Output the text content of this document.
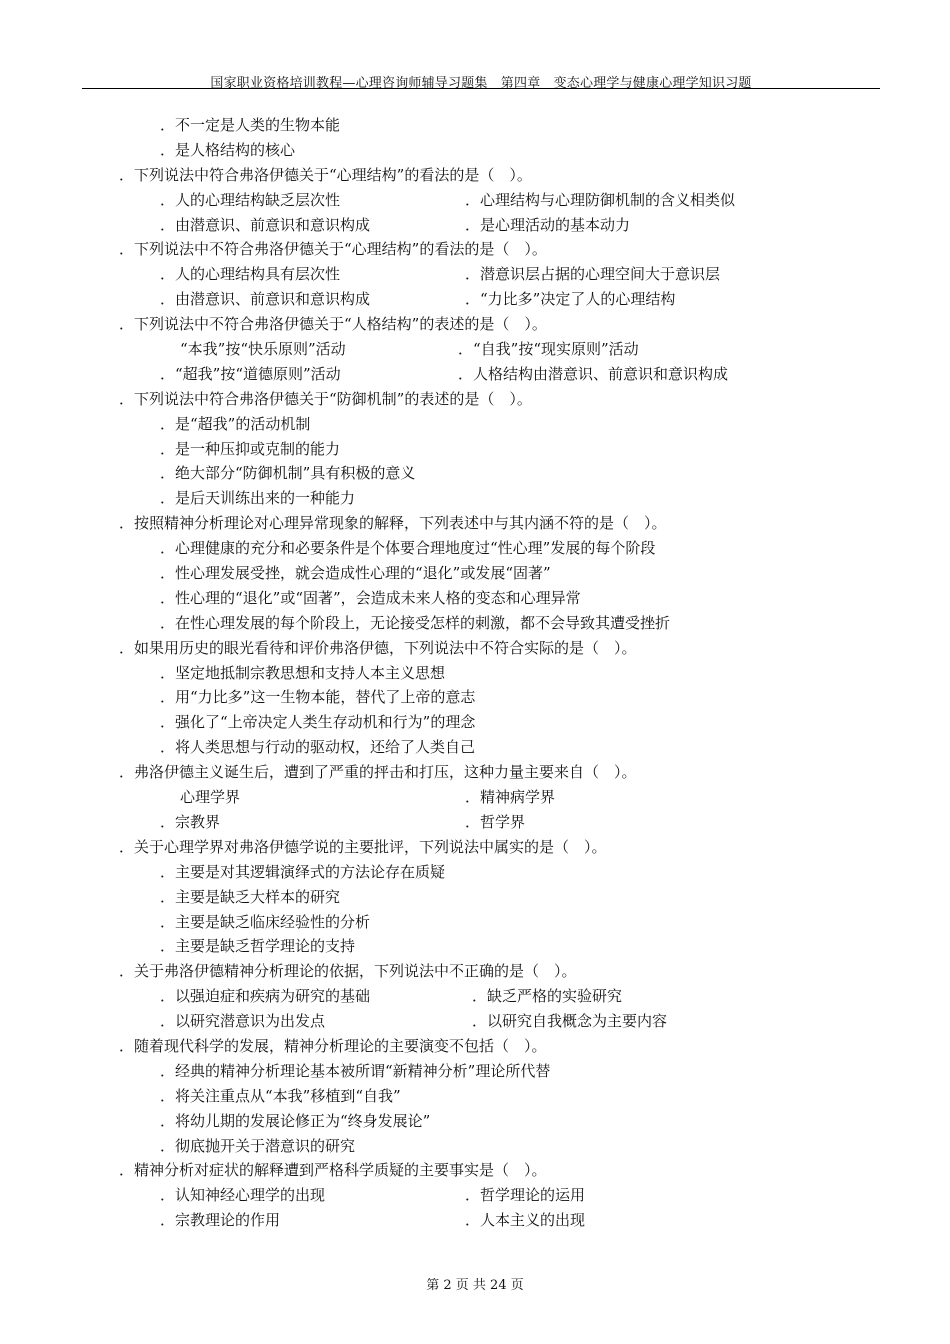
国家职业资格培训教程—心理咨询师辅导习题集　第四章　变态心理学与健康心理学知识习题
．不一定是人类的生物本能
．是人格结构的核心
．下列说法中符合弗洛伊德关于“心理结构”的看法的是（　）。
．人的心理结构缺乏层次性	．心理结构与心理防御机制的含义相类似
．由潜意识、前意识和意识构成	．是心理活动的基本动力
．下列说法中不符合弗洛伊德关于“心理结构”的看法的是（　）。
．人的心理结构具有层次性	．潜意识层占据的心理空间大于意识层
．由潜意识、前意识和意识构成	．“力比多”决定了人的心理结构
．下列说法中不符合弗洛伊德关于“人格结构”的表述的是（　）。
“本我”按“快乐原则”活动	．“自我”按“现实原则”活动
．“超我”按“道德原则”活动	．人格结构由潜意识、前意识和意识构成
．下列说法中符合弗洛伊德关于“防御机制”的表述的是（　）。
．是“超我”的活动机制
．是一种压抑或克制的能力
．绝大部分“防御机制”具有积极的意义
．是后天训练出来的一种能力
．按照精神分析理论对心理异常现象的解释，下列表述中与其内涵不符的是（　）。
．心理健康的充分和必要条件是个体要合理地度过“性心理”发展的每个阶段
．性心理发展受挫，就会造成性心理的“退化”或发展“固著”
．性心理的“退化”或“固著”，会造成未来人格的变态和心理异常
．在性心理发展的每个阶段上，无论接受怎样的刺激，都不会导致其遭受挫折
．如果用历史的眼光看待和评价弗洛伊德，下列说法中不符合实际的是（　）。
．坚定地抵制宗教思想和支持人本主义思想
．用“力比多”这一生物本能，替代了上帝的意志
．强化了“上帝决定人类生存动机和行为”的理念
．将人类思想与行动的驱动权，还给了人类自己
．弗洛伊德主义诞生后，遭到了严重的抨击和打压，这种力量主要来自（　）。
心理学界	．精神病学界
．宗教界	．哲学界
．关于心理学界对弗洛伊德学说的主要批评，下列说法中属实的是（　）。
．主要是对其逻辑演绎式的方法论存在质疑
．主要是缺乏大样本的研究
．主要是缺乏临床经验性的分析
．主要是缺乏哲学理论的支持
．关于弗洛伊德精神分析理论的依据，下列说法中不正确的是（　）。
．以强迫症和疾病为研究的基础	．缺乏严格的实验研究
．以研究潜意识为出发点	．以研究自我概念为主要内容
．随着现代科学的发展，精神分析理论的主要演变不包括（　）。
．经典的精神分析理论基本被所谓“新精神分析”理论所代替
．将关注重点从“本我”移植到“自我”
．将幼儿期的发展论修正为“终身发展论”
．彻底抛开关于潜意识的研究
．精神分析对症状的解释遭到严格科学质疑的主要事实是（　）。
．认知神经心理学的出现	．哲学理论的运用
．宗教理论的作用	．人本主义的出现
第 2 页 共 24 页
